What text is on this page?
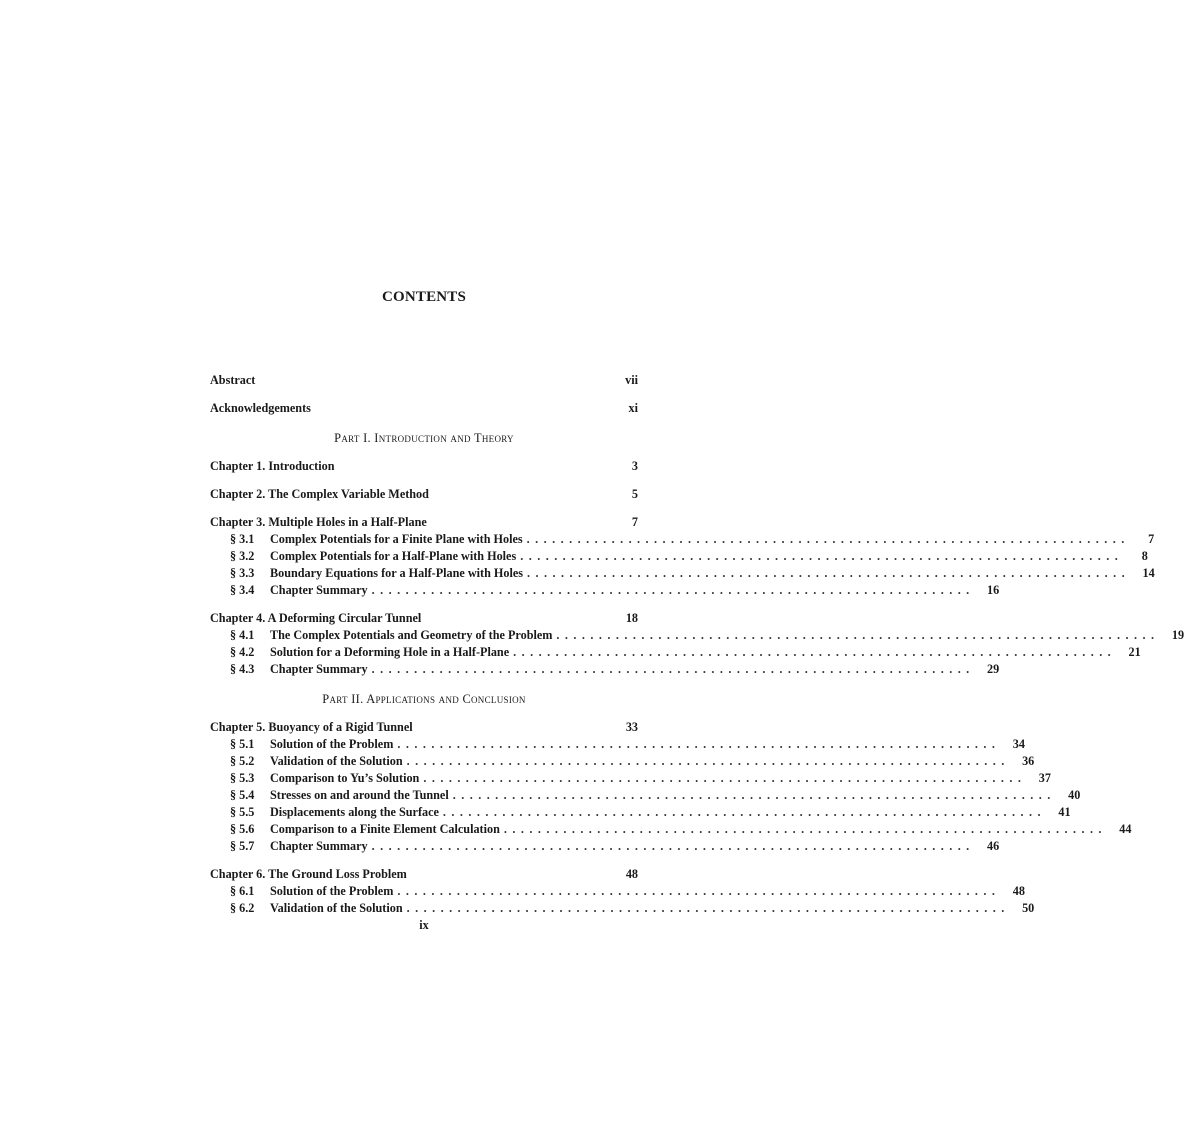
CONTENTS
Abstract	vii
Acknowledgements	xi
Part I. Introduction and Theory
Chapter 1. Introduction	3
Chapter 2. The Complex Variable Method	5
Chapter 3. Multiple Holes in a Half-Plane	7
§ 3.1	Complex Potentials for a Finite Plane with Holes . . .	7
§ 3.2	Complex Potentials for a Half-Plane with Holes . . .	8
§ 3.3	Boundary Equations for a Half-Plane with Holes . . .	14
§ 3.4	Chapter Summary . . .	16
Chapter 4. A Deforming Circular Tunnel	18
§ 4.1	The Complex Potentials and Geometry of the Problem . . .	19
§ 4.2	Solution for a Deforming Hole in a Half-Plane . . .	21
§ 4.3	Chapter Summary . . .	29
Part II. Applications and Conclusion
Chapter 5. Buoyancy of a Rigid Tunnel	33
§ 5.1	Solution of the Problem . . .	34
§ 5.2	Validation of the Solution . . .	36
§ 5.3	Comparison to Yu’s Solution . . .	37
§ 5.4	Stresses on and around the Tunnel . . .	40
§ 5.5	Displacements along the Surface . . .	41
§ 5.6	Comparison to a Finite Element Calculation . . .	44
§ 5.7	Chapter Summary . . .	46
Chapter 6. The Ground Loss Problem	48
§ 6.1	Solution of the Problem . . .	48
§ 6.2	Validation of the Solution . . .	50
ix
